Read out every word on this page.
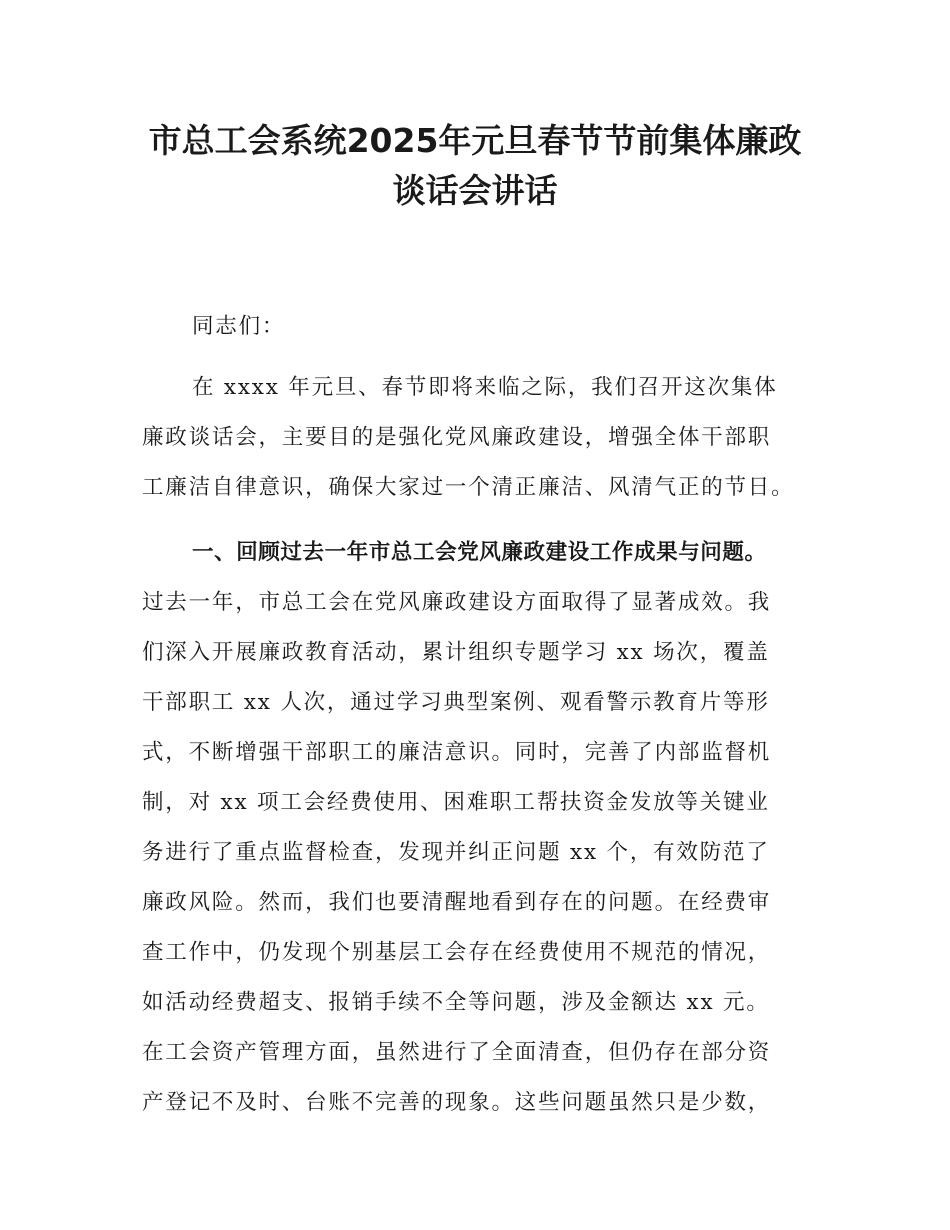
市总工会系统2025年元旦春节节前集体廉政
谈话会讲话
同志们：
在 xxxx 年元旦、春节即将来临之际，我们召开这次集体
廉政谈话会，主要目的是强化党风廉政建设，增强全体干部职
工廉洁自律意识，确保大家过一个清正廉洁、风清气正的节日。
一、回顾过去一年市总工会党风廉政建设工作成果与问题。
过去一年，市总工会在党风廉政建设方面取得了显著成效。我
们深入开展廉政教育活动，累计组织专题学习 xx 场次，覆盖
干部职工 xx 人次，通过学习典型案例、观看警示教育片等形
式，不断增强干部职工的廉洁意识。同时，完善了内部监督机
制，对 xx 项工会经费使用、困难职工帮扶资金发放等关键业
务进行了重点监督检查，发现并纠正问题 xx 个，有效防范了
廉政风险。然而，我们也要清醒地看到存在的问题。在经费审
查工作中，仍发现个别基层工会存在经费使用不规范的情况，
如活动经费超支、报销手续不全等问题，涉及金额达 xx 元。
在工会资产管理方面，虽然进行了全面清查，但仍存在部分资
产登记不及时、台账不完善的现象。这些问题虽然只是少数，
